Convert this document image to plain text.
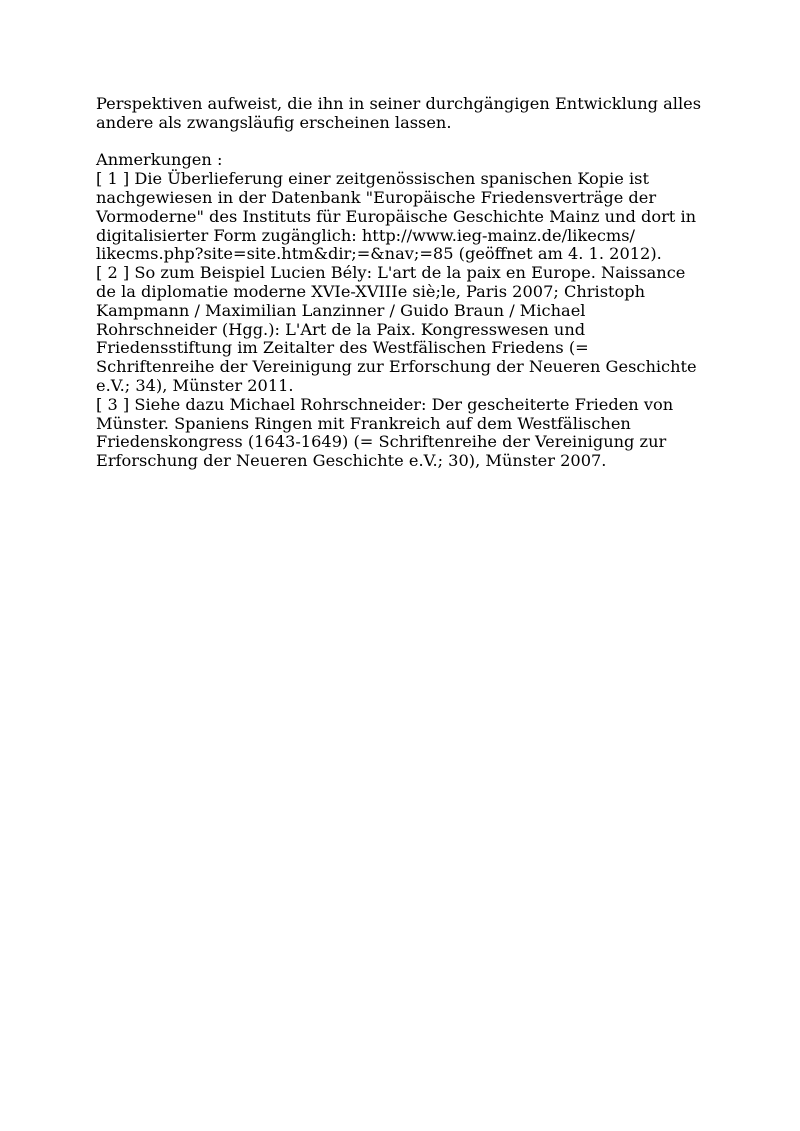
Perspektiven aufweist, die ihn in seiner durchgängigen Entwicklung alles
andere als zwangsläufig erscheinen lassen.
Anmerkungen :
[ 1 ] Die Überlieferung einer zeitgenössischen spanischen Kopie ist
nachgewiesen in der Datenbank "Europäische Friedensverträge der
Vormoderne" des Instituts für Europäische Geschichte Mainz und dort in
digitalisierter Form zugänglich: http://www.ieg-mainz.de/likecms/
likecms.php?site=site.htm&dir;=&nav;=85 (geöffnet am 4. 1. 2012).
[ 2 ] So zum Beispiel Lucien Bély: L'art de la paix en Europe. Naissance
de la diplomatie moderne XVIe-XVIIIe siè;le, Paris 2007; Christoph
Kampmann / Maximilian Lanzinner / Guido Braun / Michael
Rohrschneider (Hgg.): L'Art de la Paix. Kongresswesen und
Friedensstiftung im Zeitalter des Westfälischen Friedens (=
Schriftenreihe der Vereinigung zur Erforschung der Neueren Geschichte
e.V.; 34), Münster 2011.
[ 3 ] Siehe dazu Michael Rohrschneider: Der gescheiterte Frieden von
Münster. Spaniens Ringen mit Frankreich auf dem Westfälischen
Friedenskongress (1643-1649) (= Schriftenreihe der Vereinigung zur
Erforschung der Neueren Geschichte e.V.; 30), Münster 2007.
